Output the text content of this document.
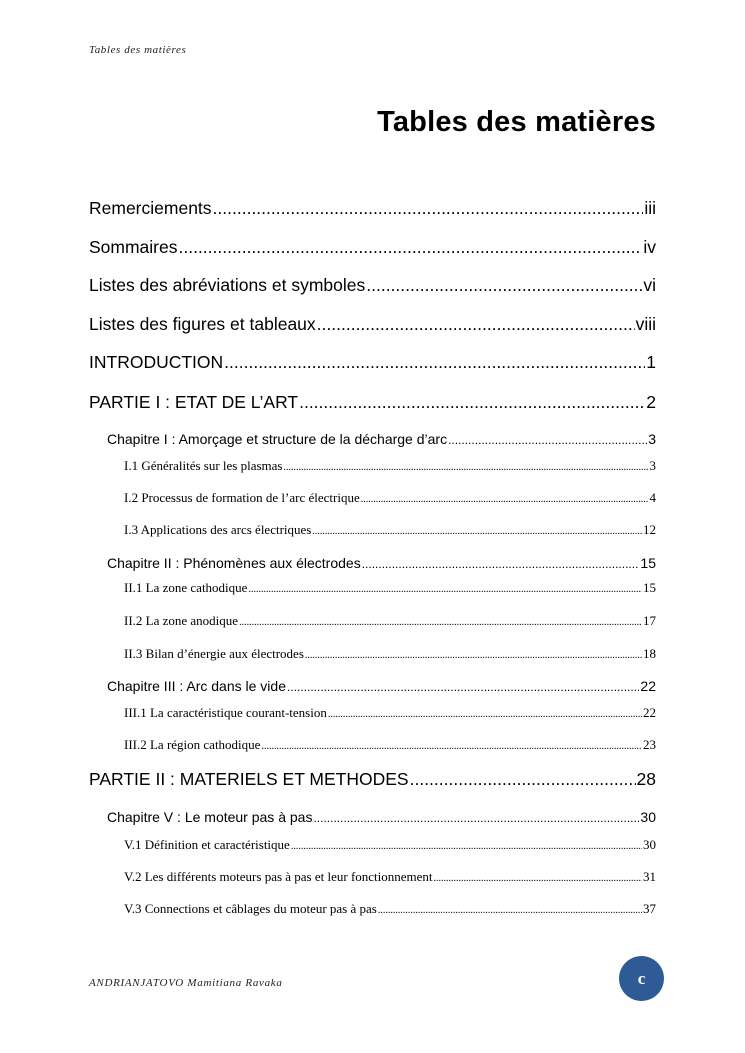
Tables des matières
Tables des matières
Remerciements .....	iii
Sommaires .....	iv
Listes des abréviations et symboles .....	vi
Listes des figures et tableaux .....	viii
INTRODUCTION .....	1
PARTIE I : ETAT DE L’ART .....	2
Chapitre I : Amorçage et structure de la décharge d’arc .....	3
I.1 Généralités sur les plasmas .....	3
I.2 Processus de formation de l’arc électrique .....	4
I.3 Applications des arcs électriques .....	12
Chapitre II : Phénomènes aux électrodes .....	15
II.1 La zone cathodique .....	15
II.2 La zone anodique .....	17
II.3 Bilan d’énergie aux électrodes .....	18
Chapitre III : Arc dans le vide .....	22
III.1 La caractéristique courant-tension .....	22
III.2 La région cathodique .....	23
PARTIE II : MATERIELS ET METHODES .....	28
Chapitre V : Le moteur pas à pas .....	30
V.1 Définition et caractéristique .....	30
V.2 Les différents moteurs pas à pas et leur fonctionnement .....	31
V.3 Connections et câblages du moteur pas à pas .....	37
ANDRIANJATOVO Mamitiana Ravaka	c
